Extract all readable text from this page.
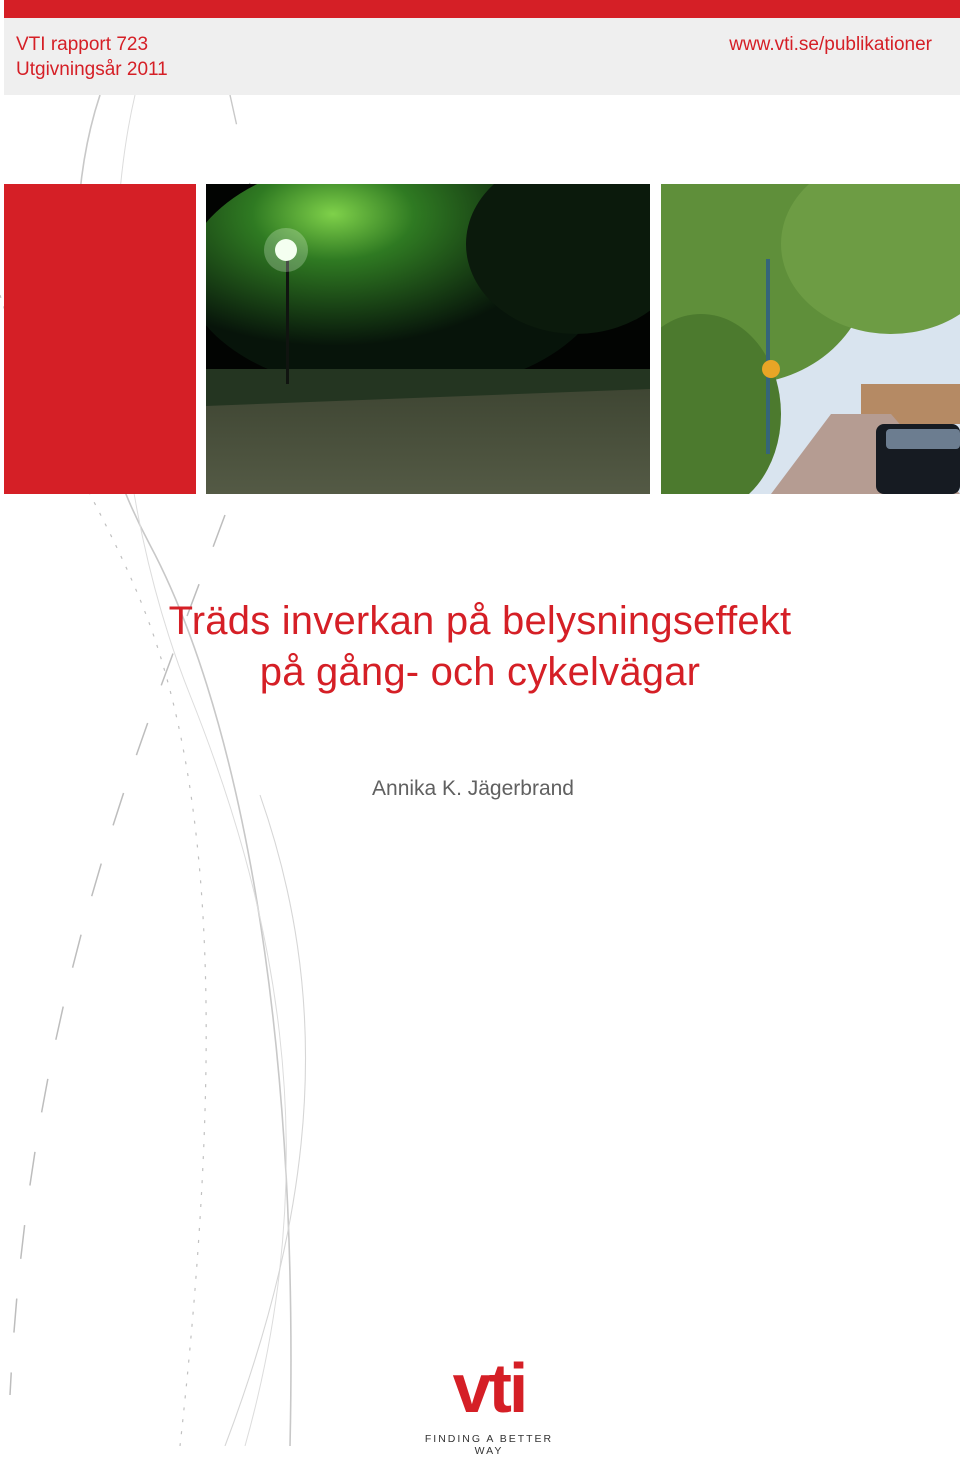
VTI rapport 723
Utgivningsår 2011
www.vti.se/publikationer
Träds inverkan på belysningseffekt
på gång- och cykelvägar
Annika K. Jägerbrand
vti
FINDING A BETTER WAY
